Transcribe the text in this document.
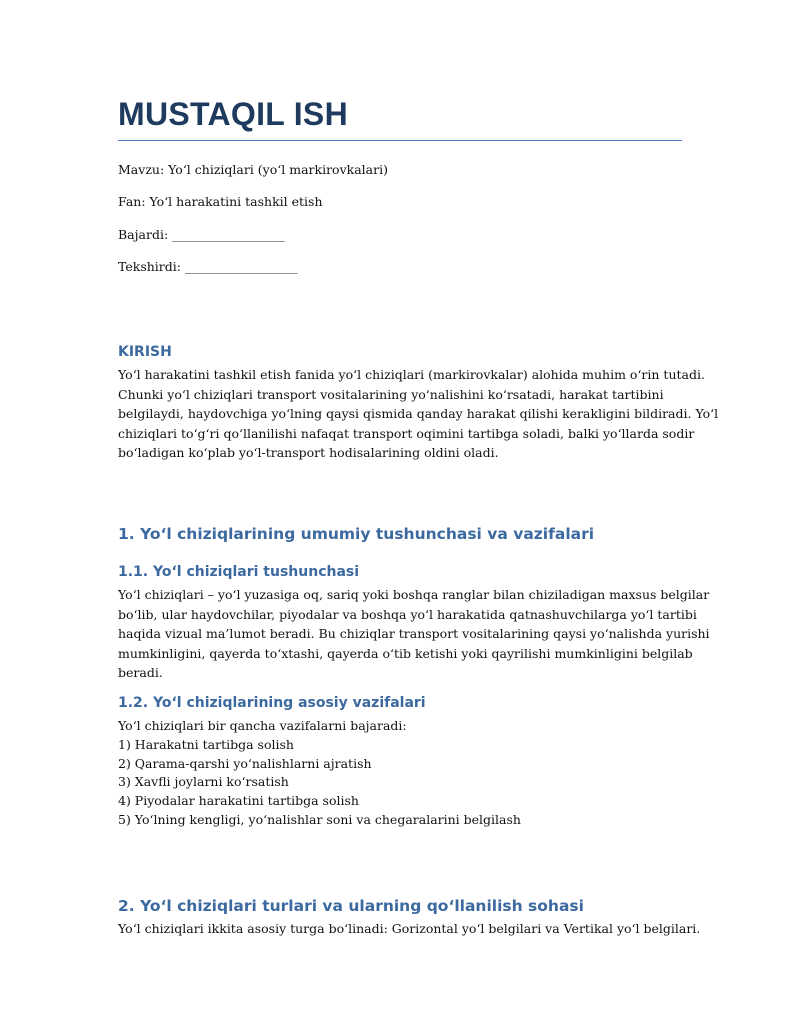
MUSTAQIL ISH

Mavzu: Yo‘l chiziqlari (yo‘l markirovkalari)

Fan: Yo‘l harakatini tashkil etish

Bajardi: __________________

Tekshirdi: __________________

KIRISH

Yo‘l harakatini tashkil etish fanida yo‘l chiziqlari (markirovkalar) alohida muhim o‘rin tutadi.
Chunki yo‘l chiziqlari transport vositalarining yo‘nalishini ko‘rsatadi, harakat tartibini
belgilaydi, haydovchiga yo‘lning qaysi qismida qanday harakat qilishi kerakligini bildiradi. Yo‘l
chiziqlari to‘g‘ri qo‘llanilishi nafaqat transport oqimini tartibga soladi, balki yo‘llarda sodir
bo‘ladigan ko‘plab yo‘l-transport hodisalarining oldini oladi.

1. Yo‘l chiziqlarining umumiy tushunchasi va vazifalari
1.1. Yo‘l chiziqlari tushunchasi

Yo‘l chiziqlari – yo‘l yuzasiga oq, sariq yoki boshqa ranglar bilan chiziladigan maxsus belgilar
bo‘lib, ular haydovchilar, piyodalar va boshqa yo‘l harakatida qatnashuvchilarga yo‘l tartibi
haqida vizual ma’lumot beradi. Bu chiziqlar transport vositalarining qaysi yo‘nalishda yurishi
mumkinligini, qayerda to‘xtashi, qayerda o‘tib ketishi yoki qayrilishi mumkinligini belgilab
beradi.

1.2. Yo‘l chiziqlarining asosiy vazifalari
Yo‘l chiziqlari bir qancha vazifalarni bajaradi:
1) Harakatni tartibga solish
2) Qarama-qarshi yo‘nalishlarni ajratish
3) Xavfli joylarni ko‘rsatish
4) Piyodalar harakatini tartibga solish
5) Yo‘lning kengligi, yo‘nalishlar soni va chegaralarini belgilash
2. Yo‘l chiziqlari turlari va ularning qo‘llanilish sohasi

Yo‘l chiziqlari ikkita asosiy turga bo‘linadi: Gorizontal yo‘l belgilari va Vertikal yo‘l belgilari.
